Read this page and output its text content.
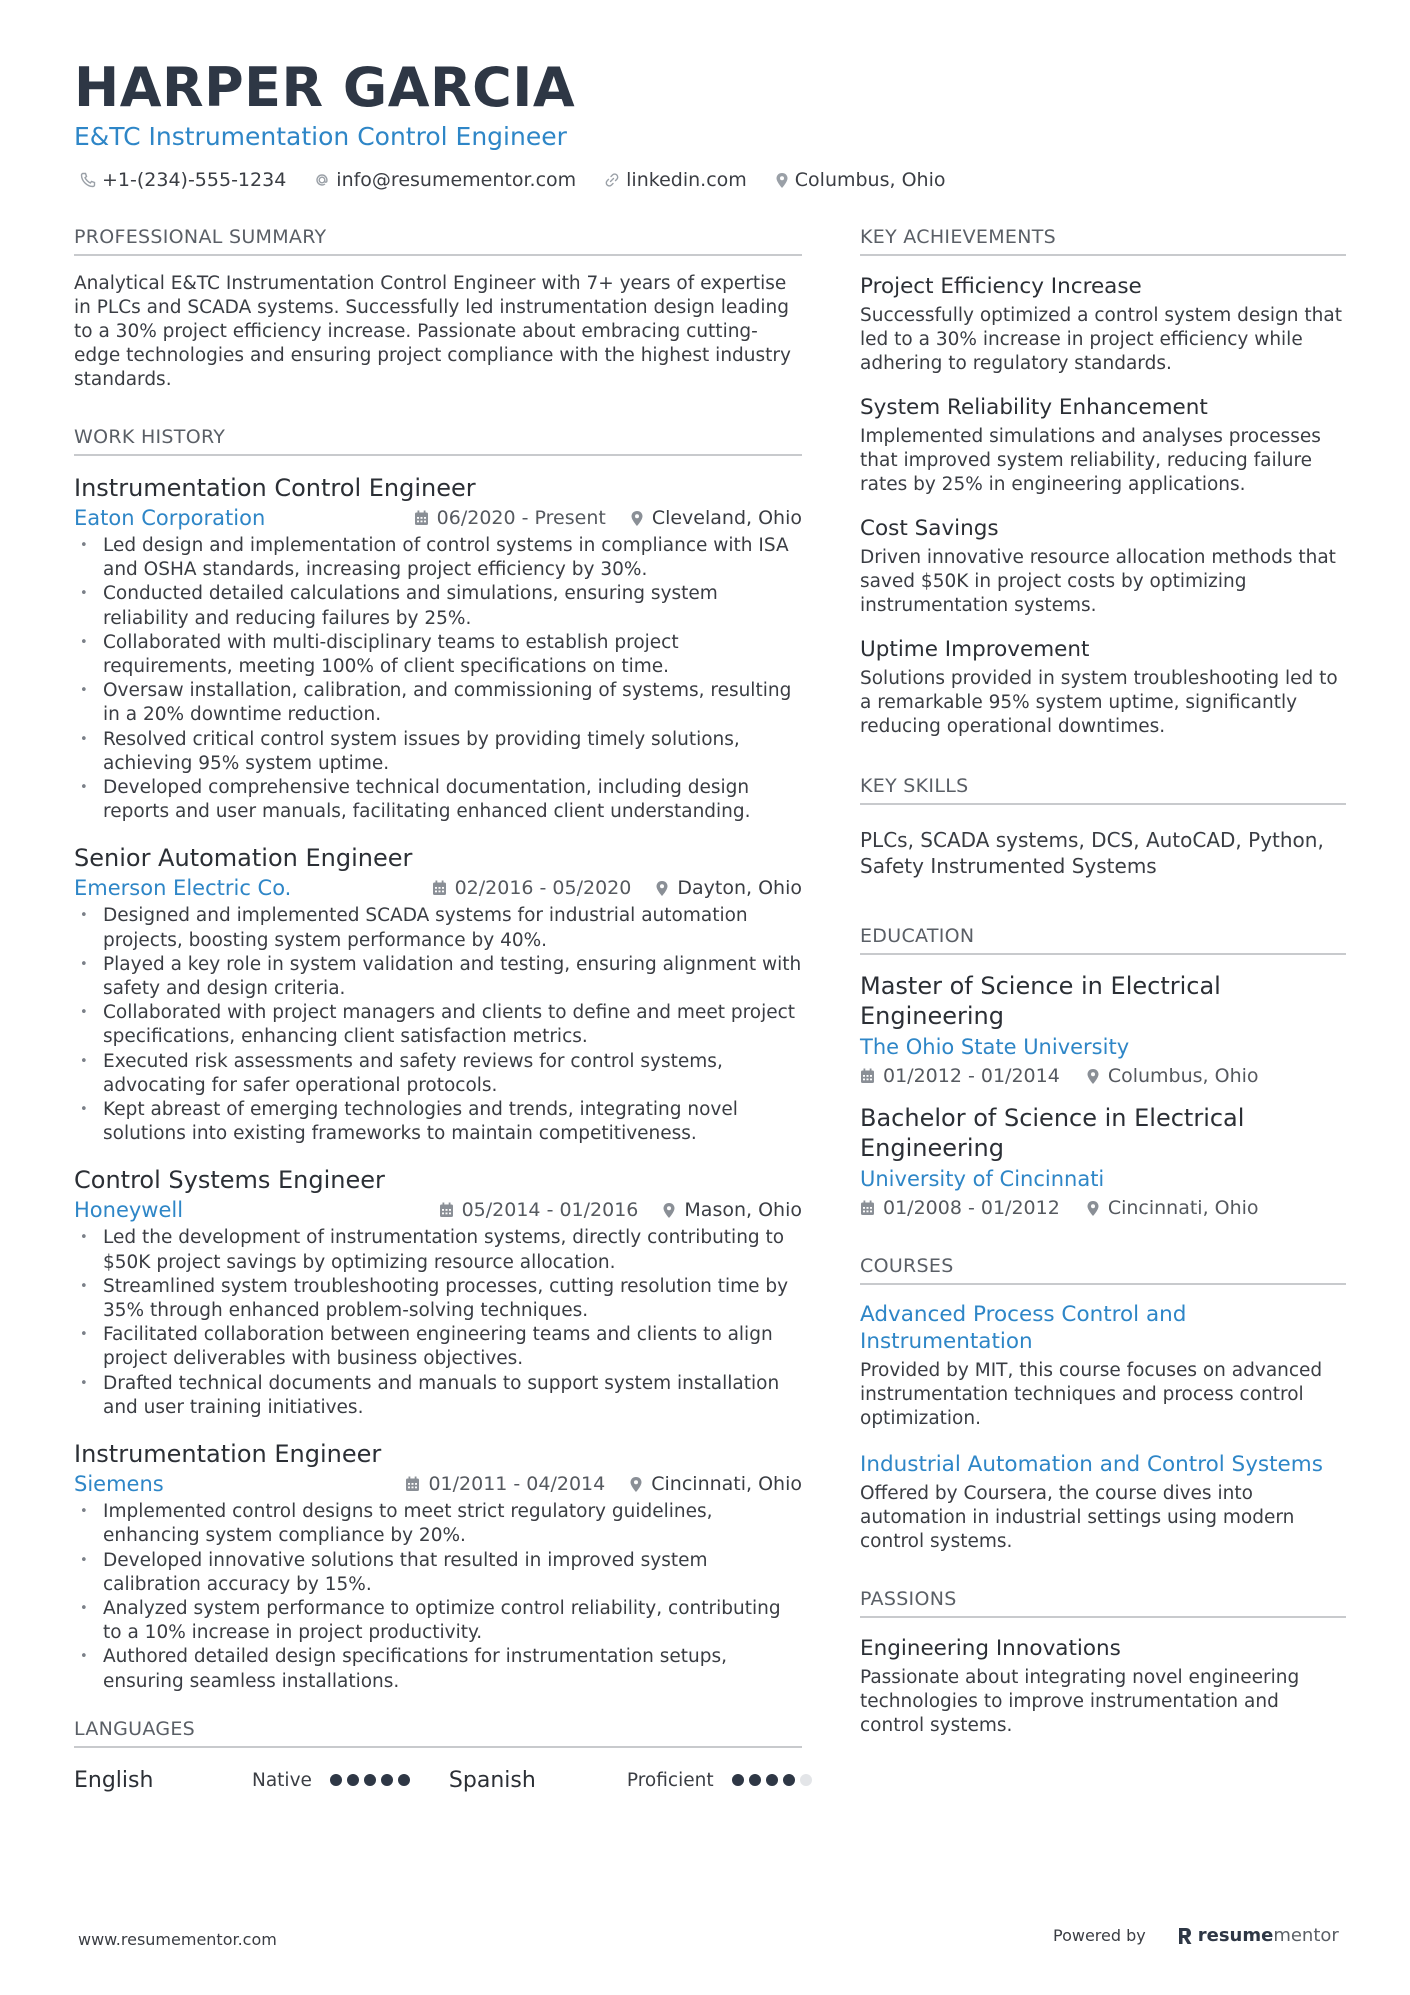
HARPER GARCIA
E&TC Instrumentation Control Engineer
+1-(234)-555-1234	info@resumementor.com	linkedin.com	Columbus, Ohio
PROFESSIONAL SUMMARY
Analytical E&TC Instrumentation Control Engineer with 7+ years of expertise in PLCs and SCADA systems. Successfully led instrumentation design leading to a 30% project efficiency increase. Passionate about embracing cutting-edge technologies and ensuring project compliance with the highest industry standards.
WORK HISTORY
Instrumentation Control Engineer
Eaton Corporation	06/2020 - Present Cleveland, Ohio
• Led design and implementation of control systems in compliance with ISA and OSHA standards, increasing project efficiency by 30%.
• Conducted detailed calculations and simulations, ensuring system reliability and reducing failures by 25%.
• Collaborated with multi-disciplinary teams to establish project requirements, meeting 100% of client specifications on time.
• Oversaw installation, calibration, and commissioning of systems, resulting in a 20% downtime reduction.
• Resolved critical control system issues by providing timely solutions, achieving 95% system uptime.
• Developed comprehensive technical documentation, including design reports and user manuals, facilitating enhanced client understanding.
Senior Automation Engineer
Emerson Electric Co.	02/2016 - 05/2020 Dayton, Ohio
• Designed and implemented SCADA systems for industrial automation projects, boosting system performance by 40%.
• Played a key role in system validation and testing, ensuring alignment with safety and design criteria.
• Collaborated with project managers and clients to define and meet project specifications, enhancing client satisfaction metrics.
• Executed risk assessments and safety reviews for control systems, advocating for safer operational protocols.
• Kept abreast of emerging technologies and trends, integrating novel solutions into existing frameworks to maintain competitiveness.
Control Systems Engineer
Honeywell	05/2014 - 01/2016 Mason, Ohio
• Led the development of instrumentation systems, directly contributing to $50K project savings by optimizing resource allocation.
• Streamlined system troubleshooting processes, cutting resolution time by 35% through enhanced problem-solving techniques.
• Facilitated collaboration between engineering teams and clients to align project deliverables with business objectives.
• Drafted technical documents and manuals to support system installation and user training initiatives.
Instrumentation Engineer
Siemens	01/2011 - 04/2014 Cincinnati, Ohio
• Implemented control designs to meet strict regulatory guidelines, enhancing system compliance by 20%.
• Developed innovative solutions that resulted in improved system calibration accuracy by 15%.
• Analyzed system performance to optimize control reliability, contributing to a 10% increase in project productivity.
• Authored detailed design specifications for instrumentation setups, ensuring seamless installations.
LANGUAGES
English	Native	Spanish	Proficient
KEY ACHIEVEMENTS
Project Efficiency Increase
Successfully optimized a control system design that led to a 30% increase in project efficiency while adhering to regulatory standards.
System Reliability Enhancement
Implemented simulations and analyses processes that improved system reliability, reducing failure rates by 25% in engineering applications.
Cost Savings
Driven innovative resource allocation methods that saved $50K in project costs by optimizing instrumentation systems.
Uptime Improvement
Solutions provided in system troubleshooting led to a remarkable 95% system uptime, significantly reducing operational downtimes.
KEY SKILLS
PLCs, SCADA systems, DCS, AutoCAD, Python, Safety Instrumented Systems
EDUCATION
Master of Science in Electrical Engineering
The Ohio State University
01/2012 - 01/2014	Columbus, Ohio
Bachelor of Science in Electrical Engineering
University of Cincinnati
01/2008 - 01/2012	Cincinnati, Ohio
COURSES
Advanced Process Control and Instrumentation
Provided by MIT, this course focuses on advanced instrumentation techniques and process control optimization.
Industrial Automation and Control Systems
Offered by Coursera, the course dives into automation in industrial settings using modern control systems.
PASSIONS
Engineering Innovations
Passionate about integrating novel engineering technologies to improve instrumentation and control systems.
www.resumementor.com	Powered by	resume mentor
